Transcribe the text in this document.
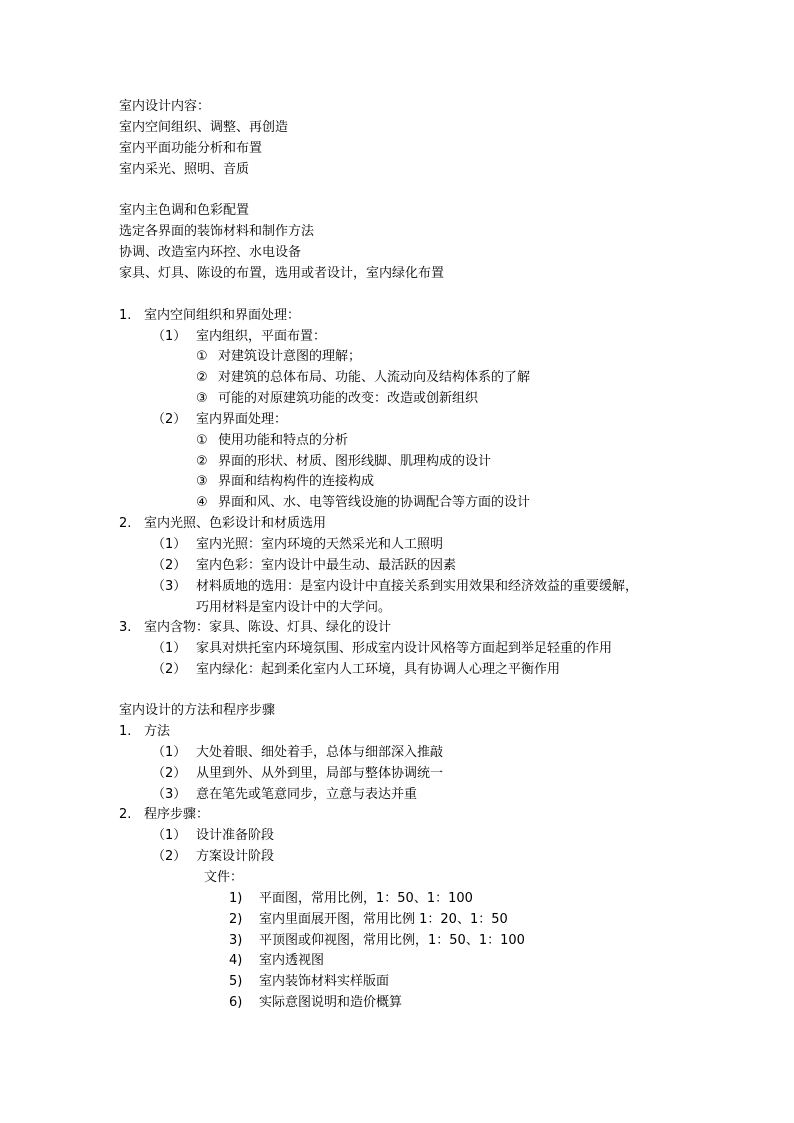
室内设计内容：
室内空间组织、调整、再创造
室内平面功能分析和布置
室内采光、照明、音质
室内主色调和色彩配置
选定各界面的装饰材料和制作方法
协调、改造室内环控、水电设备
家具、灯具、陈设的布置，选用或者设计，室内绿化布置
1. 室内空间组织和界面处理：
（1） 室内组织，平面布置：
① 对建筑设计意图的理解；
② 对建筑的总体布局、功能、人流动向及结构体系的了解
③ 可能的对原建筑功能的改变：改造或创新组织
（2） 室内界面处理：
① 使用功能和特点的分析
② 界面的形状、材质、图形线脚、肌理构成的设计
③ 界面和结构构件的连接构成
④ 界面和风、水、电等管线设施的协调配合等方面的设计
2. 室内光照、色彩设计和材质选用
（1） 室内光照：室内环境的天然采光和人工照明
（2） 室内色彩：室内设计中最生动、最活跃的因素
（3） 材料质地的选用：是室内设计中直接关系到实用效果和经济效益的重要缓解，
巧用材料是室内设计中的大学问。
3. 室内含物：家具、陈设、灯具、绿化的设计
（1） 家具对烘托室内环境氛围、形成室内设计风格等方面起到举足轻重的作用
（2） 室内绿化：起到柔化室内人工环境，具有协调人心理之平衡作用
室内设计的方法和程序步骤
1. 方法
（1） 大处着眼、细处着手，总体与细部深入推敲
（2） 从里到外、从外到里，局部与整体协调统一
（3） 意在笔先或笔意同步，立意与表达并重
2. 程序步骤：
（1） 设计准备阶段
（2） 方案设计阶段
文件：
1) 平面图，常用比例，1：50、1：100
2) 室内里面展开图，常用比例 1：20、1：50
3) 平顶图或仰视图，常用比例，1：50、1：100
4) 室内透视图
5) 室内装饰材料实样版面
6) 实际意图说明和造价概算
